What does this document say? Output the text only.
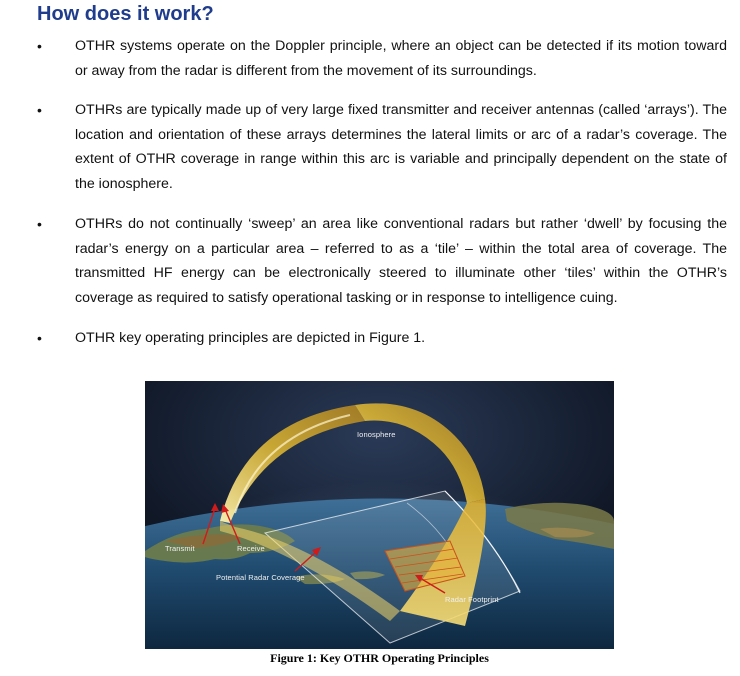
How does it work?
• OTHR systems operate on the Doppler principle, where an object can be detected if its motion toward or away from the radar is different from the movement of its surroundings.
• OTHRs are typically made up of very large fixed transmitter and receiver antennas (called ‘arrays’). The location and orientation of these arrays determines the lateral limits or arc of a radar’s coverage. The extent of OTHR coverage in range within this arc is variable and principally dependent on the state of the ionosphere.
• OTHRs do not continually ‘sweep’ an area like conventional radars but rather ‘dwell’ by focusing the radar’s energy on a particular area – referred to as a ‘tile’ – within the total area of coverage. The transmitted HF energy can be electronically steered to illuminate other ‘tiles’ within the OTHR’s coverage as required to satisfy operational tasking or in response to intelligence cuing.
• OTHR key operating principles are depicted in Figure 1.
Ionosphere
Transmit	Receive
Potential Radar Coverage
Radar Footprint
Figure 1: Key OTHR Operating Principles
